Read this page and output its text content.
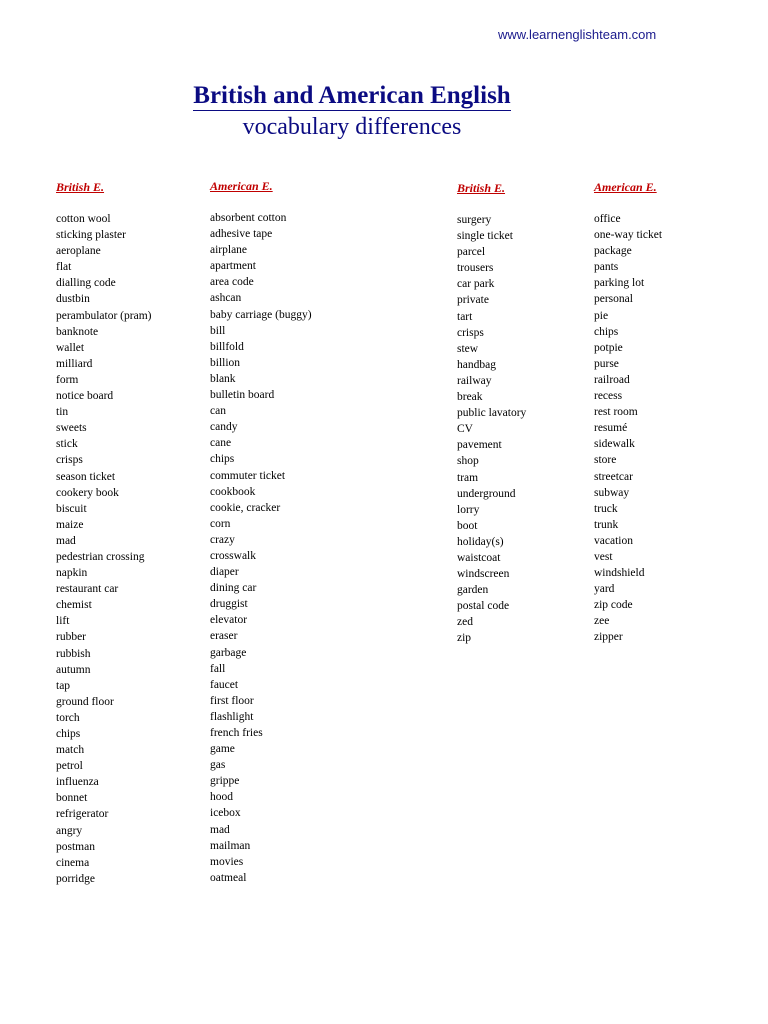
www.learnenglishteam.com
British and American English
vocabulary differences
British E.
cotton wool
sticking plaster
aeroplane
flat
dialling code
dustbin
perambulator (pram)
banknote
wallet
milliard
form
notice board
tin
sweets
stick
crisps
season ticket
cookery book
biscuit
maize
mad
pedestrian crossing
napkin
restaurant car
chemist
lift
rubber
rubbish
autumn
tap
ground floor
torch
chips
match
petrol
influenza
bonnet
refrigerator
angry
postman
cinema
porridge
American E.
absorbent cotton
adhesive tape
airplane
apartment
area code
ashcan
baby carriage (buggy)
bill
billfold
billion
blank
bulletin board
can
candy
cane
chips
commuter ticket
cookbook
cookie, cracker
corn
crazy
crosswalk
diaper
dining car
druggist
elevator
eraser
garbage
fall
faucet
first floor
flashlight
french fries
game
gas
grippe
hood
icebox
mad
mailman
movies
oatmeal
British E.
surgery
single ticket
parcel
trousers
car park
private
tart
crisps
stew
handbag
railway
break
public lavatory
CV
pavement
shop
tram
underground
lorry
boot
holiday(s)
waistcoat
windscreen
garden
postal code
zed
zip
American E.
office
one-way ticket
package
pants
parking lot
personal
pie
chips
potpie
purse
railroad
recess
rest room
resumé
sidewalk
store
streetcar
subway
truck
trunk
vacation
vest
windshield
yard
zip code
zee
zipper
